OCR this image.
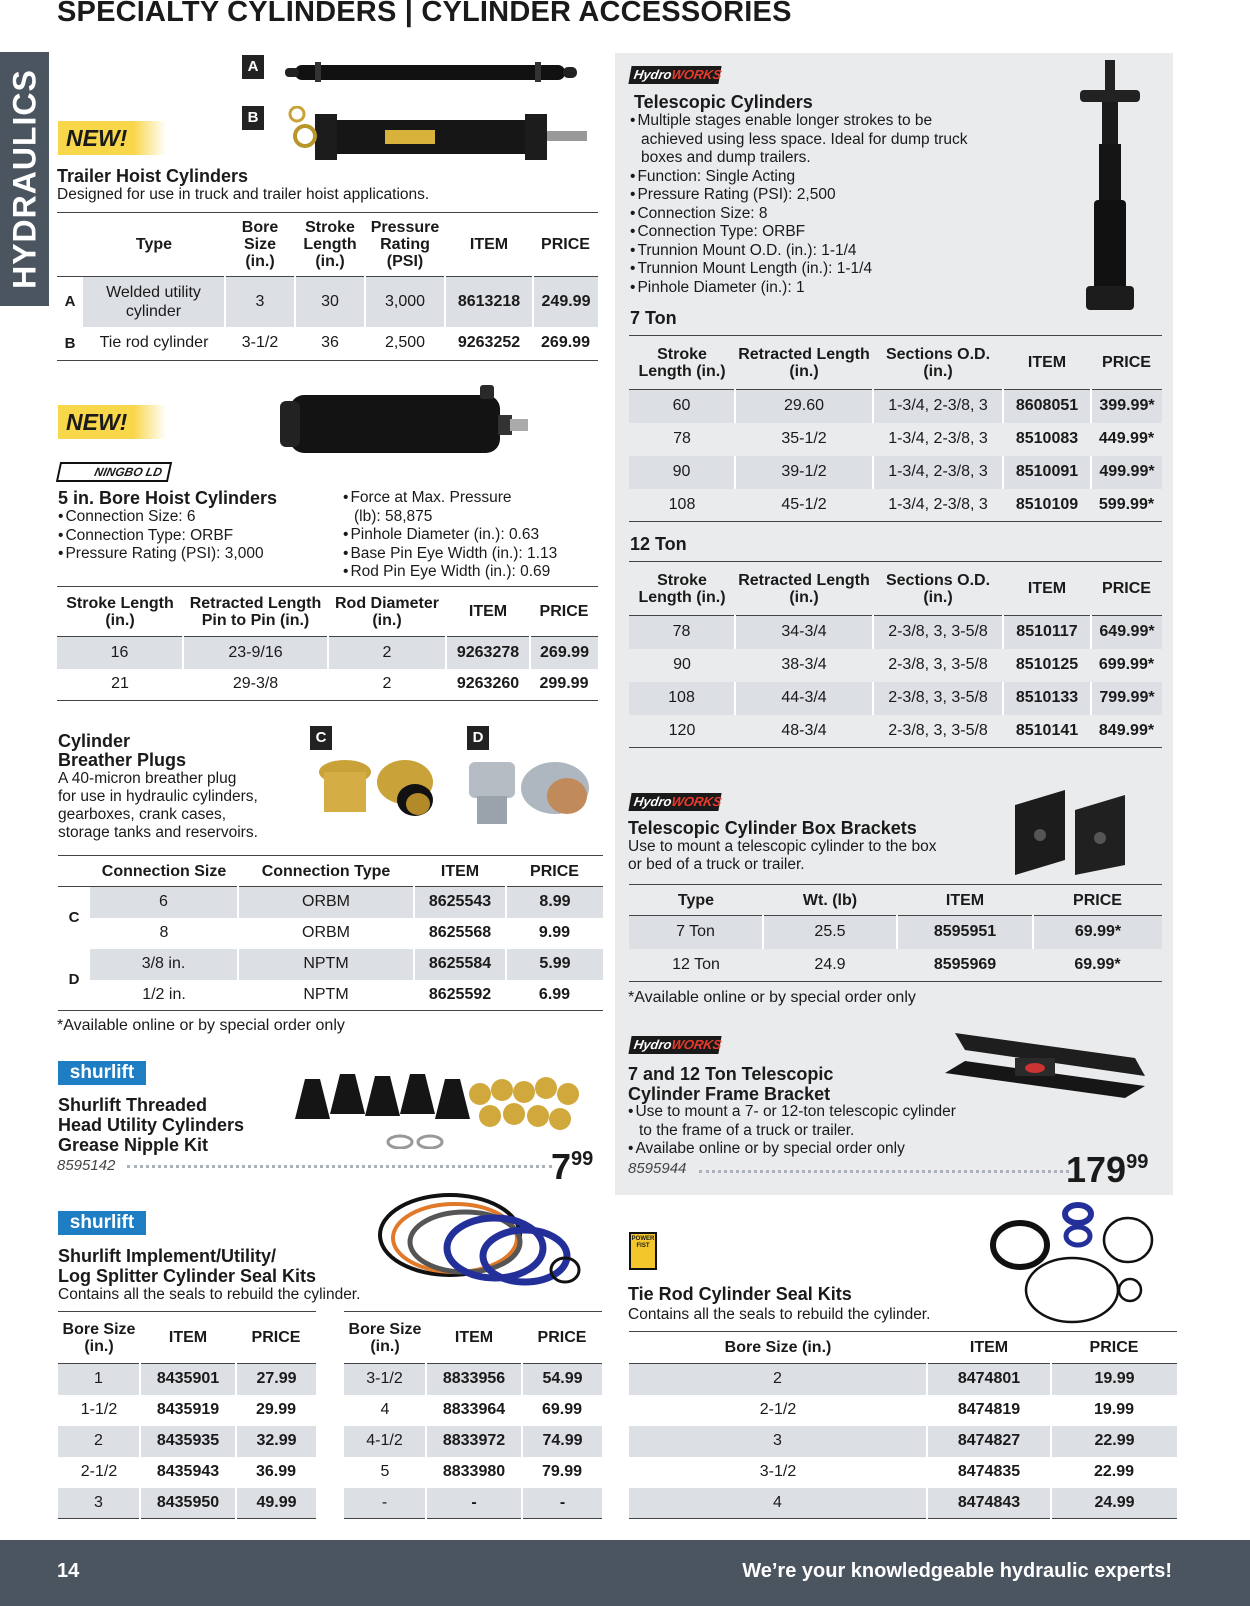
SPECIALTY CYLINDERS | CYLINDER ACCESSORIES
HYDRAULICS
A
B
NEW!
Trailer Hoist Cylinders
Designed for use in truck and trailer hoist applications.
	Type	Bore Size (in.)	Stroke Length (in.)	Pressure Rating (PSI)	ITEM	PRICE
A	Welded utility cylinder	3	30	3,000	8613218	249.99
B	Tie rod cylinder	3-1/2	36	2,500	9263252	269.99
NEW!
NINGBO LD
5 in. Bore Hoist Cylinders
• Connection Size: 6
• Connection Type: ORBF
• Pressure Rating (PSI): 3,000
• Force at Max. Pressure (lb): 58,875
• Pinhole Diameter (in.): 0.63
• Base Pin Eye Width (in.): 1.13
• Rod Pin Eye Width (in.): 0.69
Stroke Length (in.)	Retracted Length Pin to Pin (in.)	Rod Diameter (in.)	ITEM	PRICE
16	23-9/16	2	9263278	269.99
21	29-3/8	2	9263260	299.99
Cylinder
Breather Plugs
A 40-micron breather plug
for use in hydraulic cylinders,
gearboxes, crank cases,
storage tanks and reservoirs.
C	D
	Connection Size	Connection Type	ITEM	PRICE
C	6	ORBM	8625543	8.99
	8	ORBM	8625568	9.99
D	3/8 in.	NPTM	8625584	5.99
	1/2 in.	NPTM	8625592	6.99
*Available online or by special order only
shurlift
Shurlift Threaded
Head Utility Cylinders
Grease Nipple Kit
8595142	$7^{99}$
shurlift
Shurlift Implement/Utility/
Log Splitter Cylinder Seal Kits
Contains all the seals to rebuild the cylinder.
Bore Size (in.)	ITEM	PRICE
1	8435901	27.99
1-1/2	8435919	29.99
2	8435935	32.99
2-1/2	8435943	36.99
3	8435950	49.99
Bore Size (in.)	ITEM	PRICE
3-1/2	8833956	54.99
4	8833964	69.99
4-1/2	8833972	74.99
5	8833980	79.99
-	-	-
HydroWORKS
Telescopic Cylinders
• Multiple stages enable longer strokes to be achieved using less space. Ideal for dump truck boxes and dump trailers.
• Function: Single Acting
• Pressure Rating (PSI): 2,500
• Connection Size: 8
• Connection Type: ORBF
• Trunnion Mount O.D. (in.): 1-1/4
• Trunnion Mount Length (in.): 1-1/4
• Pinhole Diameter (in.): 1
7 Ton
Stroke Length (in.)	Retracted Length (in.)	Sections O.D. (in.)	ITEM	PRICE
60	29.60	1-3/4, 2-3/8, 3	8608051	399.99*
78	35-1/2	1-3/4, 2-3/8, 3	8510083	449.99*
90	39-1/2	1-3/4, 2-3/8, 3	8510091	499.99*
108	45-1/2	1-3/4, 2-3/8, 3	8510109	599.99*
12 Ton
Stroke Length (in.)	Retracted Length (in.)	Sections O.D. (in.)	ITEM	PRICE
78	34-3/4	2-3/8, 3, 3-5/8	8510117	649.99*
90	38-3/4	2-3/8, 3, 3-5/8	8510125	699.99*
108	44-3/4	2-3/8, 3, 3-5/8	8510133	799.99*
120	48-3/4	2-3/8, 3, 3-5/8	8510141	849.99*
HydroWORKS
Telescopic Cylinder Box Brackets
Use to mount a telescopic cylinder to the box
or bed of a truck or trailer.
Type	Wt. (lb)	ITEM	PRICE
7 Ton	25.5	8595951	69.99*
12 Ton	24.9	8595969	69.99*
*Available online or by special order only
HydroWORKS
7 and 12 Ton Telescopic
Cylinder Frame Bracket
• Use to mount a 7- or 12-ton telescopic cylinder to the frame of a truck or trailer.
• Availabe online or by special order only
8595944	$179^{99}$
POWER FIST
Tie Rod Cylinder Seal Kits
Contains all the seals to rebuild the cylinder.
Bore Size (in.)	ITEM	PRICE
2	8474801	19.99
2-1/2	8474819	19.99
3	8474827	22.99
3-1/2	8474835	22.99
4	8474843	24.99
14	We’re your knowledgeable hydraulic experts!
